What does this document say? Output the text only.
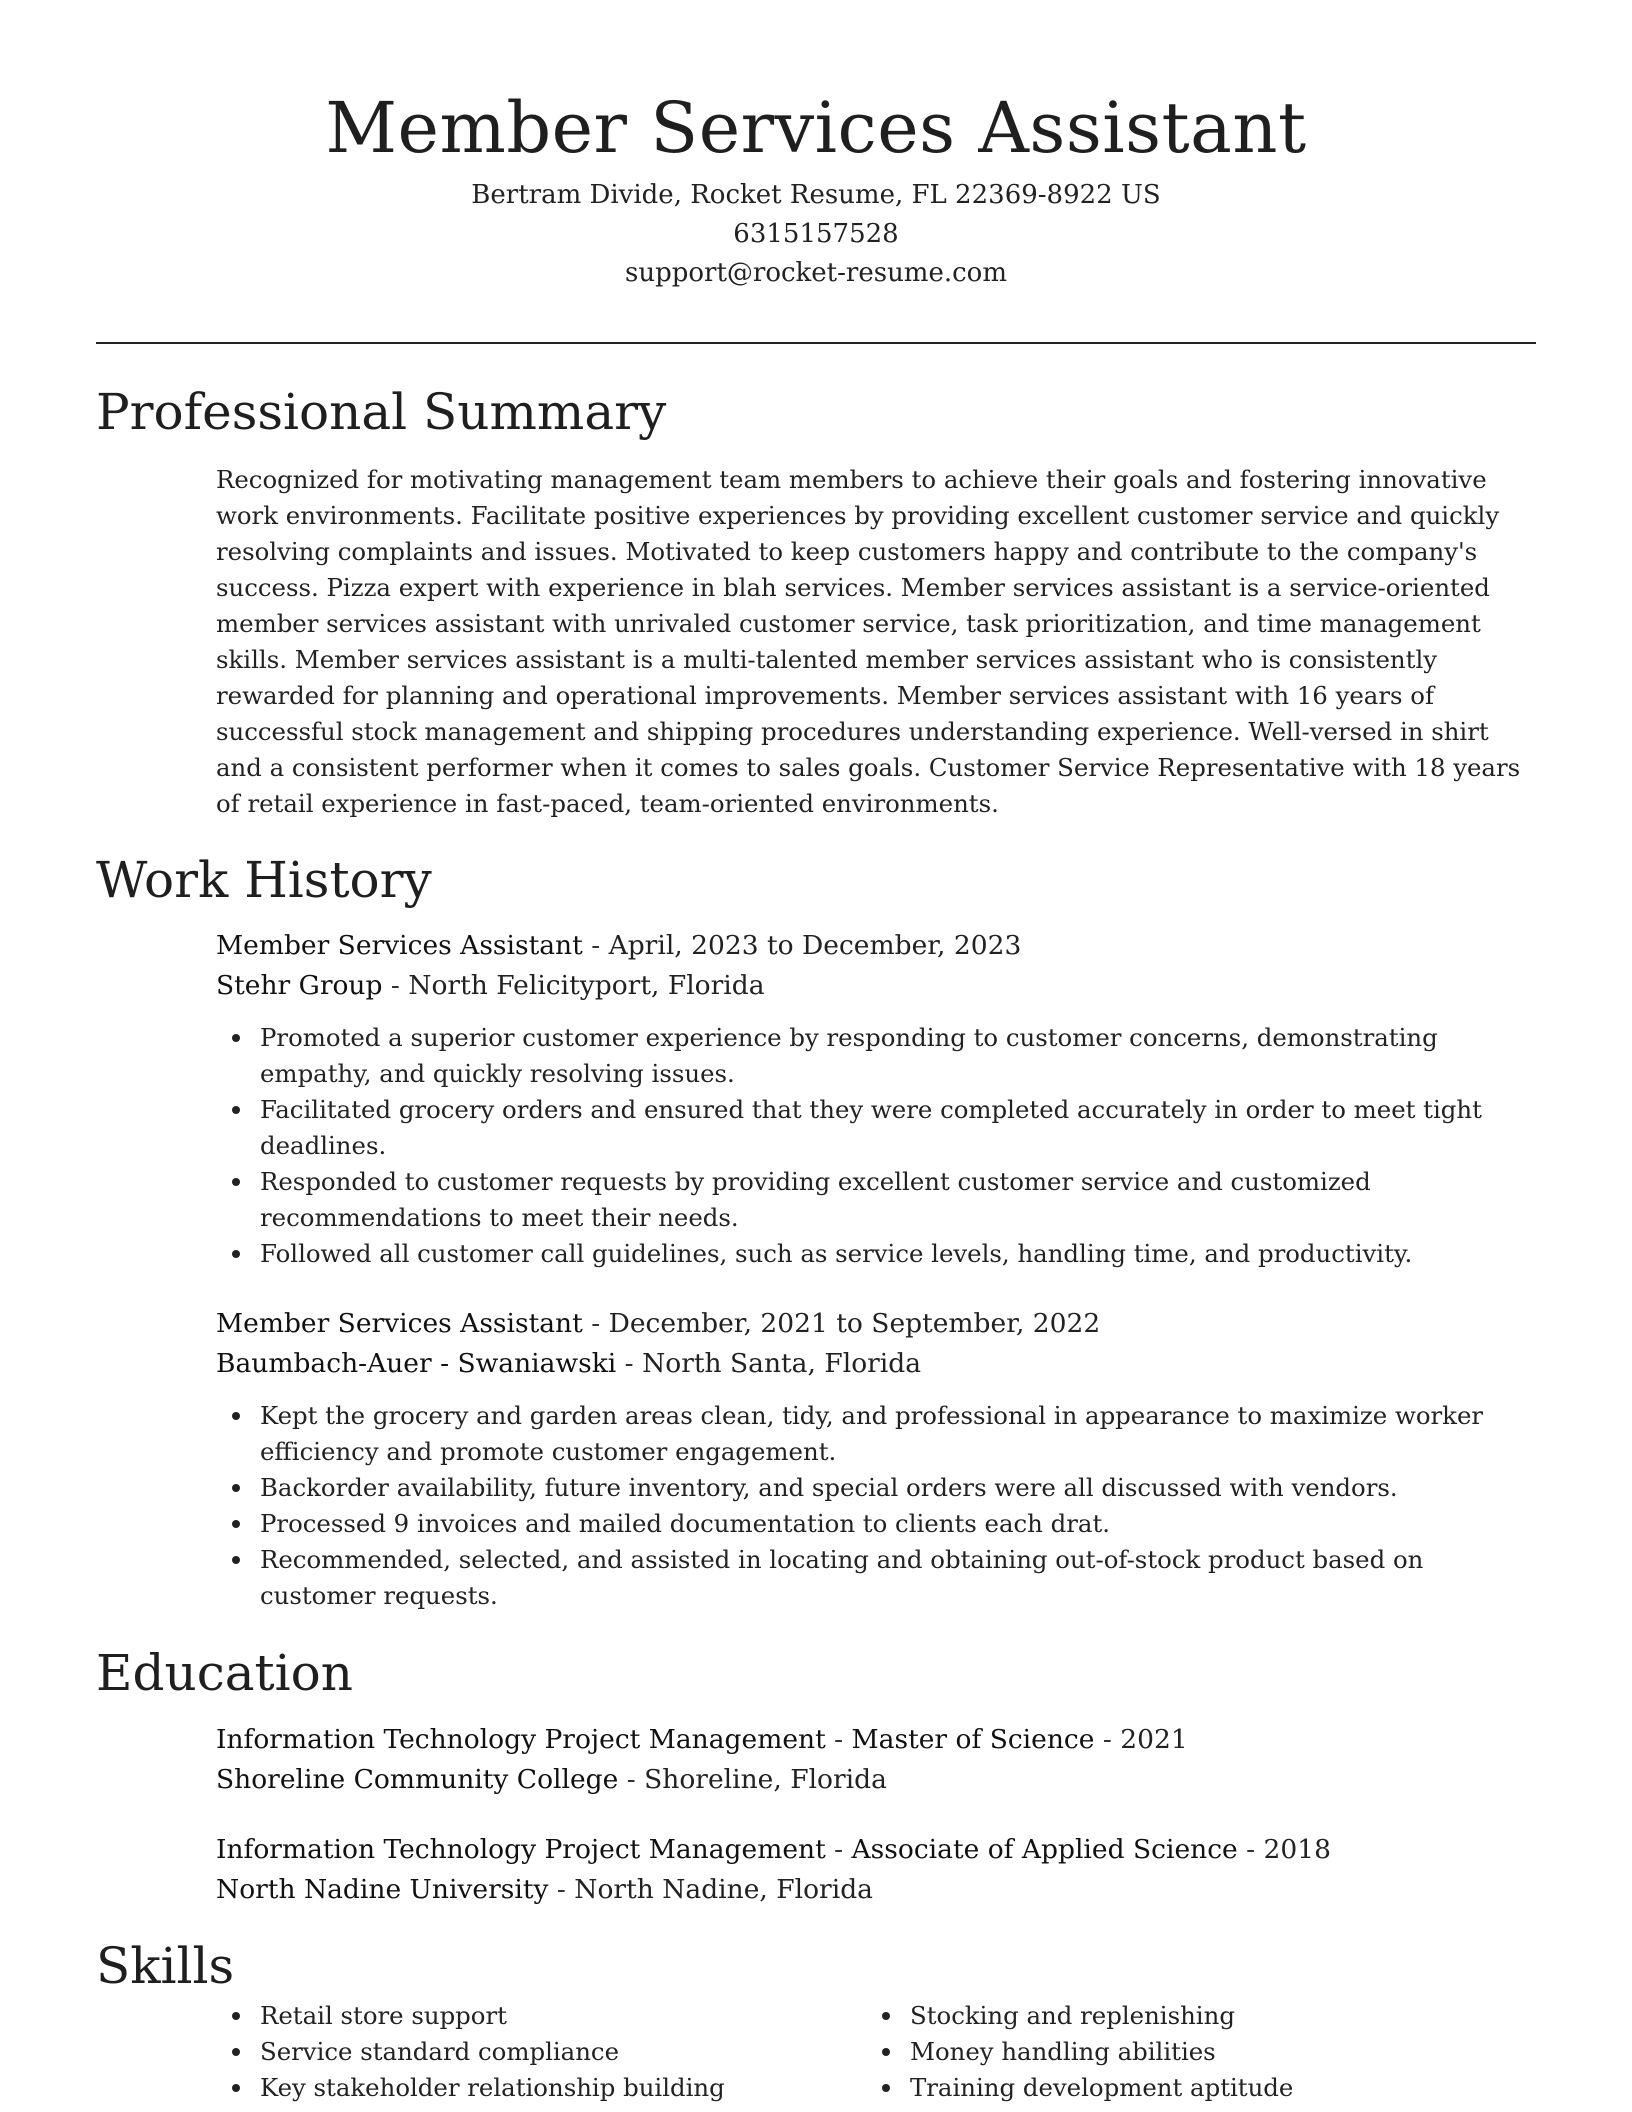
Member Services Assistant
Bertram Divide, Rocket Resume, FL 22369-8922 US
6315157528
support@rocket-resume.com
Professional Summary
Recognized for motivating management team members to achieve their goals and fostering innovative work environments. Facilitate positive experiences by providing excellent customer service and quickly resolving complaints and issues. Motivated to keep customers happy and contribute to the company's success. Pizza expert with experience in blah services. Member services assistant is a service-oriented member services assistant with unrivaled customer service, task prioritization, and time management skills. Member services assistant is a multi-talented member services assistant who is consistently rewarded for planning and operational improvements. Member services assistant with 16 years of successful stock management and shipping procedures understanding experience. Well-versed in shirt and a consistent performer when it comes to sales goals. Customer Service Representative with 18 years of retail experience in fast-paced, team-oriented environments.
Work History
Member Services Assistant - April, 2023 to December, 2023
Stehr Group - North Felicityport, Florida
Promoted a superior customer experience by responding to customer concerns, demonstrating empathy, and quickly resolving issues.
Facilitated grocery orders and ensured that they were completed accurately in order to meet tight deadlines.
Responded to customer requests by providing excellent customer service and customized recommendations to meet their needs.
Followed all customer call guidelines, such as service levels, handling time, and productivity.
Member Services Assistant - December, 2021 to September, 2022
Baumbach-Auer - Swaniawski - North Santa, Florida
Kept the grocery and garden areas clean, tidy, and professional in appearance to maximize worker efficiency and promote customer engagement.
Backorder availability, future inventory, and special orders were all discussed with vendors.
Processed 9 invoices and mailed documentation to clients each drat.
Recommended, selected, and assisted in locating and obtaining out-of-stock product based on customer requests.
Education
Information Technology Project Management - Master of Science - 2021
Shoreline Community College - Shoreline, Florida
Information Technology Project Management - Associate of Applied Science - 2018
North Nadine University - North Nadine, Florida
Skills
Retail store support
Service standard compliance
Key stakeholder relationship building
Stocking and replenishing
Money handling abilities
Training development aptitude
